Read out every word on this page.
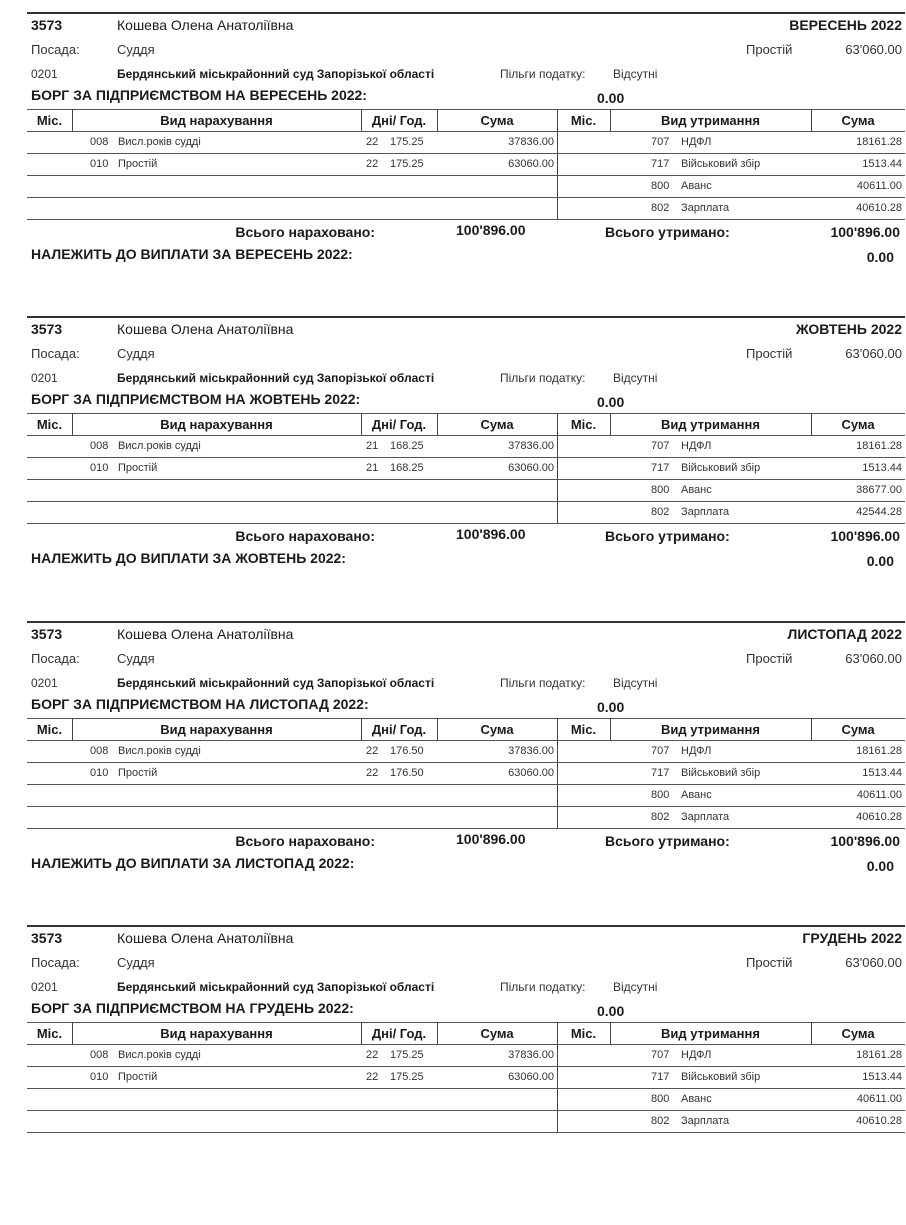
3573	Кошева Олена Анатоліївна	ВЕРЕСЕНЬ 2022
Посада:	Суддя	Простій	63'060.00
0201	Бердянський міськрайонний суд Запорізької області	Пільги податку: Відсутні
БОРГ ЗА ПІДПРИЄМСТВОМ НА ВЕРЕСЕНЬ 2022:	0.00
Міс.	Вид нарахування	Дні/ Год.	Сума	Міс.	Вид утримання	Сума
008 Висл.років судді	22 175.25	37836.00	707 НДФЛ	18161.28
010 Простій	22 175.25	63060.00	717 Військовий збір	1513.44
800 Аванс	40611.00
802 Зарплата	40610.28
Всього нараховано:	100'896.00	Всього утримано:	100'896.00
НАЛЕЖИТЬ ДО ВИПЛАТИ ЗА ВЕРЕСЕНЬ 2022:	0.00
3573	Кошева Олена Анатоліївна	ЖОВТЕНЬ 2022
Посада:	Суддя	Простій	63'060.00
0201	Бердянський міськрайонний суд Запорізької області	Пільги податку: Відсутні
БОРГ ЗА ПІДПРИЄМСТВОМ НА ЖОВТЕНЬ 2022:	0.00
Міс.	Вид нарахування	Дні/ Год.	Сума	Міс.	Вид утримання	Сума
008 Висл.років судді	21 168.25	37836.00	707 НДФЛ	18161.28
010 Простій	21 168.25	63060.00	717 Військовий збір	1513.44
800 Аванс	38677.00
802 Зарплата	42544.28
Всього нараховано:	100'896.00	Всього утримано:	100'896.00
НАЛЕЖИТЬ ДО ВИПЛАТИ ЗА ЖОВТЕНЬ 2022:	0.00
3573	Кошева Олена Анатоліївна	ЛИСТОПАД 2022
Посада:	Суддя	Простій	63'060.00
0201	Бердянський міськрайонний суд Запорізької області	Пільги податку: Відсутні
БОРГ ЗА ПІДПРИЄМСТВОМ НА ЛИСТОПАД 2022:	0.00
Міс.	Вид нарахування	Дні/ Год.	Сума	Міс.	Вид утримання	Сума
008 Висл.років судді	22 176.50	37836.00	707 НДФЛ	18161.28
010 Простій	22 176.50	63060.00	717 Військовий збір	1513.44
800 Аванс	40611.00
802 Зарплата	40610.28
Всього нараховано:	100'896.00	Всього утримано:	100'896.00
НАЛЕЖИТЬ ДО ВИПЛАТИ ЗА ЛИСТОПАД 2022:	0.00
3573	Кошева Олена Анатоліївна	ГРУДЕНЬ 2022
Посада:	Суддя	Простій	63'060.00
0201	Бердянський міськрайонний суд Запорізької області	Пільги податку: Відсутні
БОРГ ЗА ПІДПРИЄМСТВОМ НА ГРУДЕНЬ 2022:	0.00
Міс.	Вид нарахування	Дні/ Год.	Сума	Міс.	Вид утримання	Сума
008 Висл.років судді	22 175.25	37836.00	707 НДФЛ	18161.28
010 Простій	22 175.25	63060.00	717 Військовий збір	1513.44
800 Аванс	40611.00
802 Зарплата	40610.28
